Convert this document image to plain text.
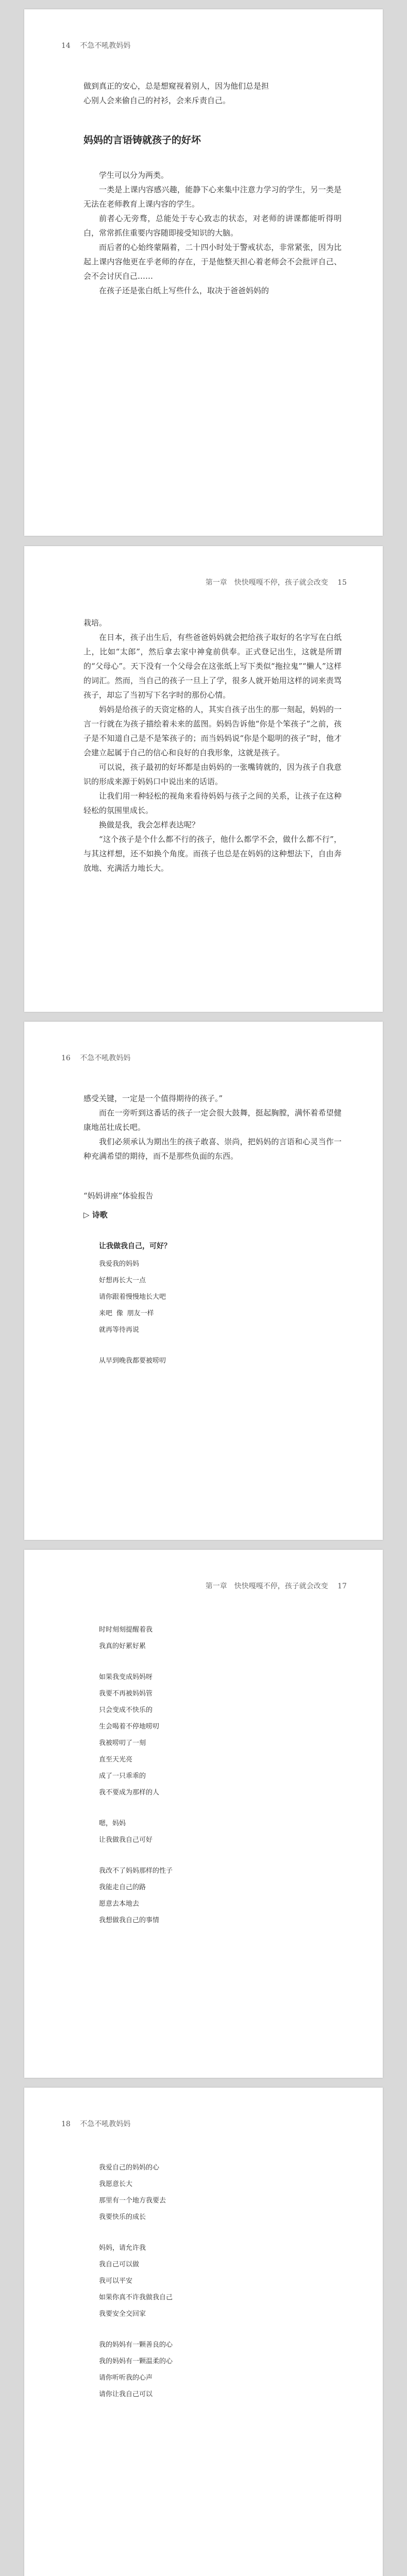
14 不急不吼教妈妈

做到真正的安心，总是想窥视着别人，因为他们总是担

心别人会来偷自己的衬衫，会来斥责自己。

妈妈的言语铸就孩子的好坏

学生可以分为两类。

一类是上课内容感兴趣，能静下心来集中注意力学习的学生，另一类是无法在老师教育上课内容的学生。

前者心无旁骛，总能处于专心致志的状态，对老师的讲课都能听得明白，常常抓住重要内容随即接受知识的大脑。

而后者的心始终蒙隔着，二十四小时处于警戒状态，非常紧张，因为比起上课内容他更在乎老师的存在，于是他整天担心着老师会不会批评自己、会不会讨厌自己……

在孩子还是张白纸上写些什么，取决于爸爸妈妈的

第一章　快快嘎嘎不停，孩子就会改变 15

栽培。

在日本，孩子出生后，有些爸爸妈妈就会把给孩子取好的名字写在白纸上，比如“太郎”，然后拿去家中神龛前供奉。正式登记出生，这就是所谓的“父母心”。天下没有一个父母会在这张纸上写下类似“拖拉鬼”“懒人”这样的词汇。然而，当自己的孩子一旦上了学，很多人就开始用这样的词来责骂孩子，却忘了当初写下名字时的那份心情。

妈妈是给孩子的天资定格的人，其实自孩子出生的那一刻起，妈妈的一言一行就在为孩子描绘着未来的蓝图。妈妈告诉他“你是个笨孩子”之前，孩子是不知道自己是不是笨孩子的；而当妈妈说“你是个聪明的孩子”时，他才会建立起属于自己的信心和良好的自我形象，这就是孩子。

可以说，孩子最初的好坏都是由妈妈的一张嘴铸就的，因为孩子自我意识的形成来源于妈妈口中说出来的话语。

让我们用一种轻松的视角来看待妈妈与孩子之间的关系，让孩子在这种轻松的氛围里成长。

换做是我，我会怎样表达呢？

“这个孩子是个什么都不行的孩子，他什么都学不会，做什么都不行”，与其这样想，还不如换个角度。而孩子也总是在妈妈的这种想法下，自由奔放地、充满活力地长大。

16 不急不吼教妈妈

感受关键，一定是一个值得期待的孩子。”

而在一旁听到这番话的孩子一定会很大鼓舞，挺起胸膛，满怀着希望健康地茁壮成长吧。

我们必须承认为期出生的孩子敢喜、崇尚，把妈妈的言语和心灵当作一种充满希望的期待，而不是那些负面的东西。

“妈妈讲座”体验报告

▷ 诗歌

让我做我自己，可好？

我爱我的妈妈
好想再长大一点
请你跟着慢慢地长大吧
来吧 像 朋友一样
就再等待再说
从早到晚我都要被唠叨
第一章　快快嘎嘎不停，孩子就会改变 17
时时刻刻提醒着我
我真的好累好累
如果我变成妈妈呀
我要不再被妈妈管
只会变成不快乐的
生会喝着不停地唠叨
我被唠叨了一刻
直至天光亮
成了一只乖乖的
我不要成为那样的人
嗯，妈妈
让我做我自己可好
我改不了妈妈那样的性子
我能走自己的路
愿意去本地去
我想做我自己的事情
18 不急不吼教妈妈
我爱自己的妈妈的心
我愿意长大
那里有一个地方我要去
我要快乐的成长
妈妈，请允许我
我自己可以做
我可以平安
如果你真不许我做我自己
我要安全交回家
我的妈妈有一颗善良的心
我的妈妈有一颗温柔的心
请你听听我的心声
请你让我自己可以
